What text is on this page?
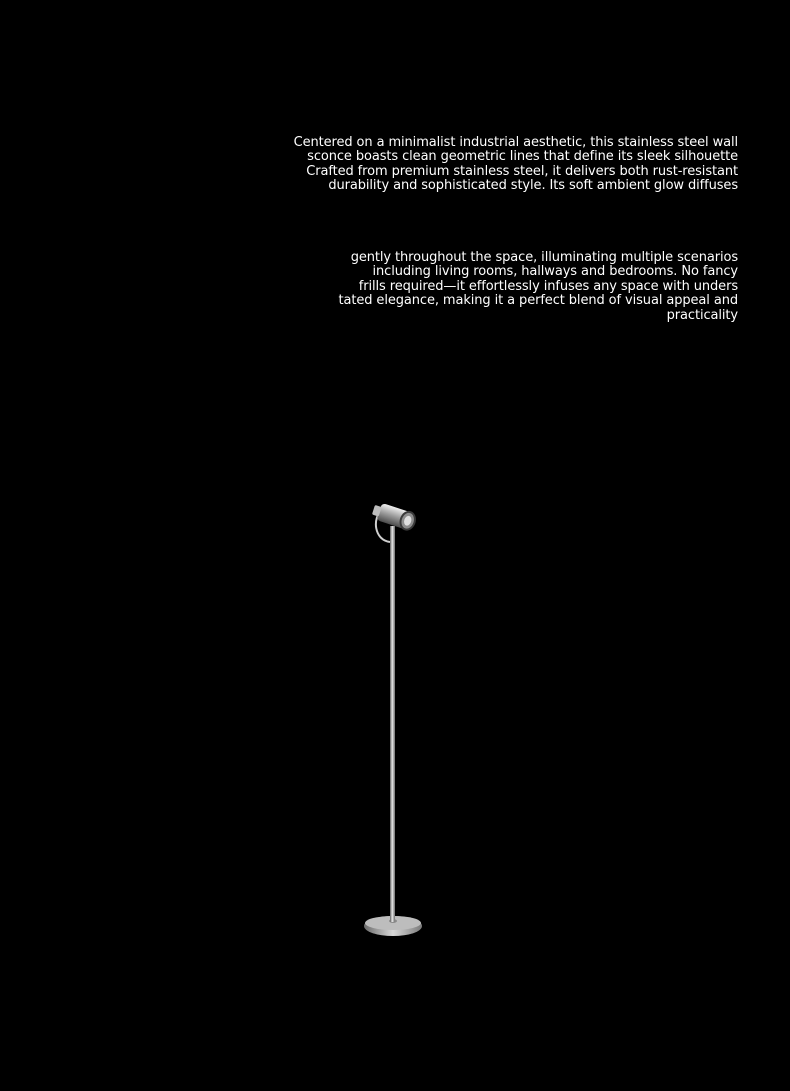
Centered on a minimalist industrial aesthetic, this stainless steel wall
sconce boasts clean geometric lines that define its sleek silhouette
Crafted from premium stainless steel, it delivers both rust-resistant
durability and sophisticated style. Its soft ambient glow diffuses
gently throughout the space, illuminating multiple scenarios
including living rooms, hallways and bedrooms. No fancy
frills required—it effortlessly infuses any space with unders
tated elegance, making it a perfect blend of visual appeal and
practicality
